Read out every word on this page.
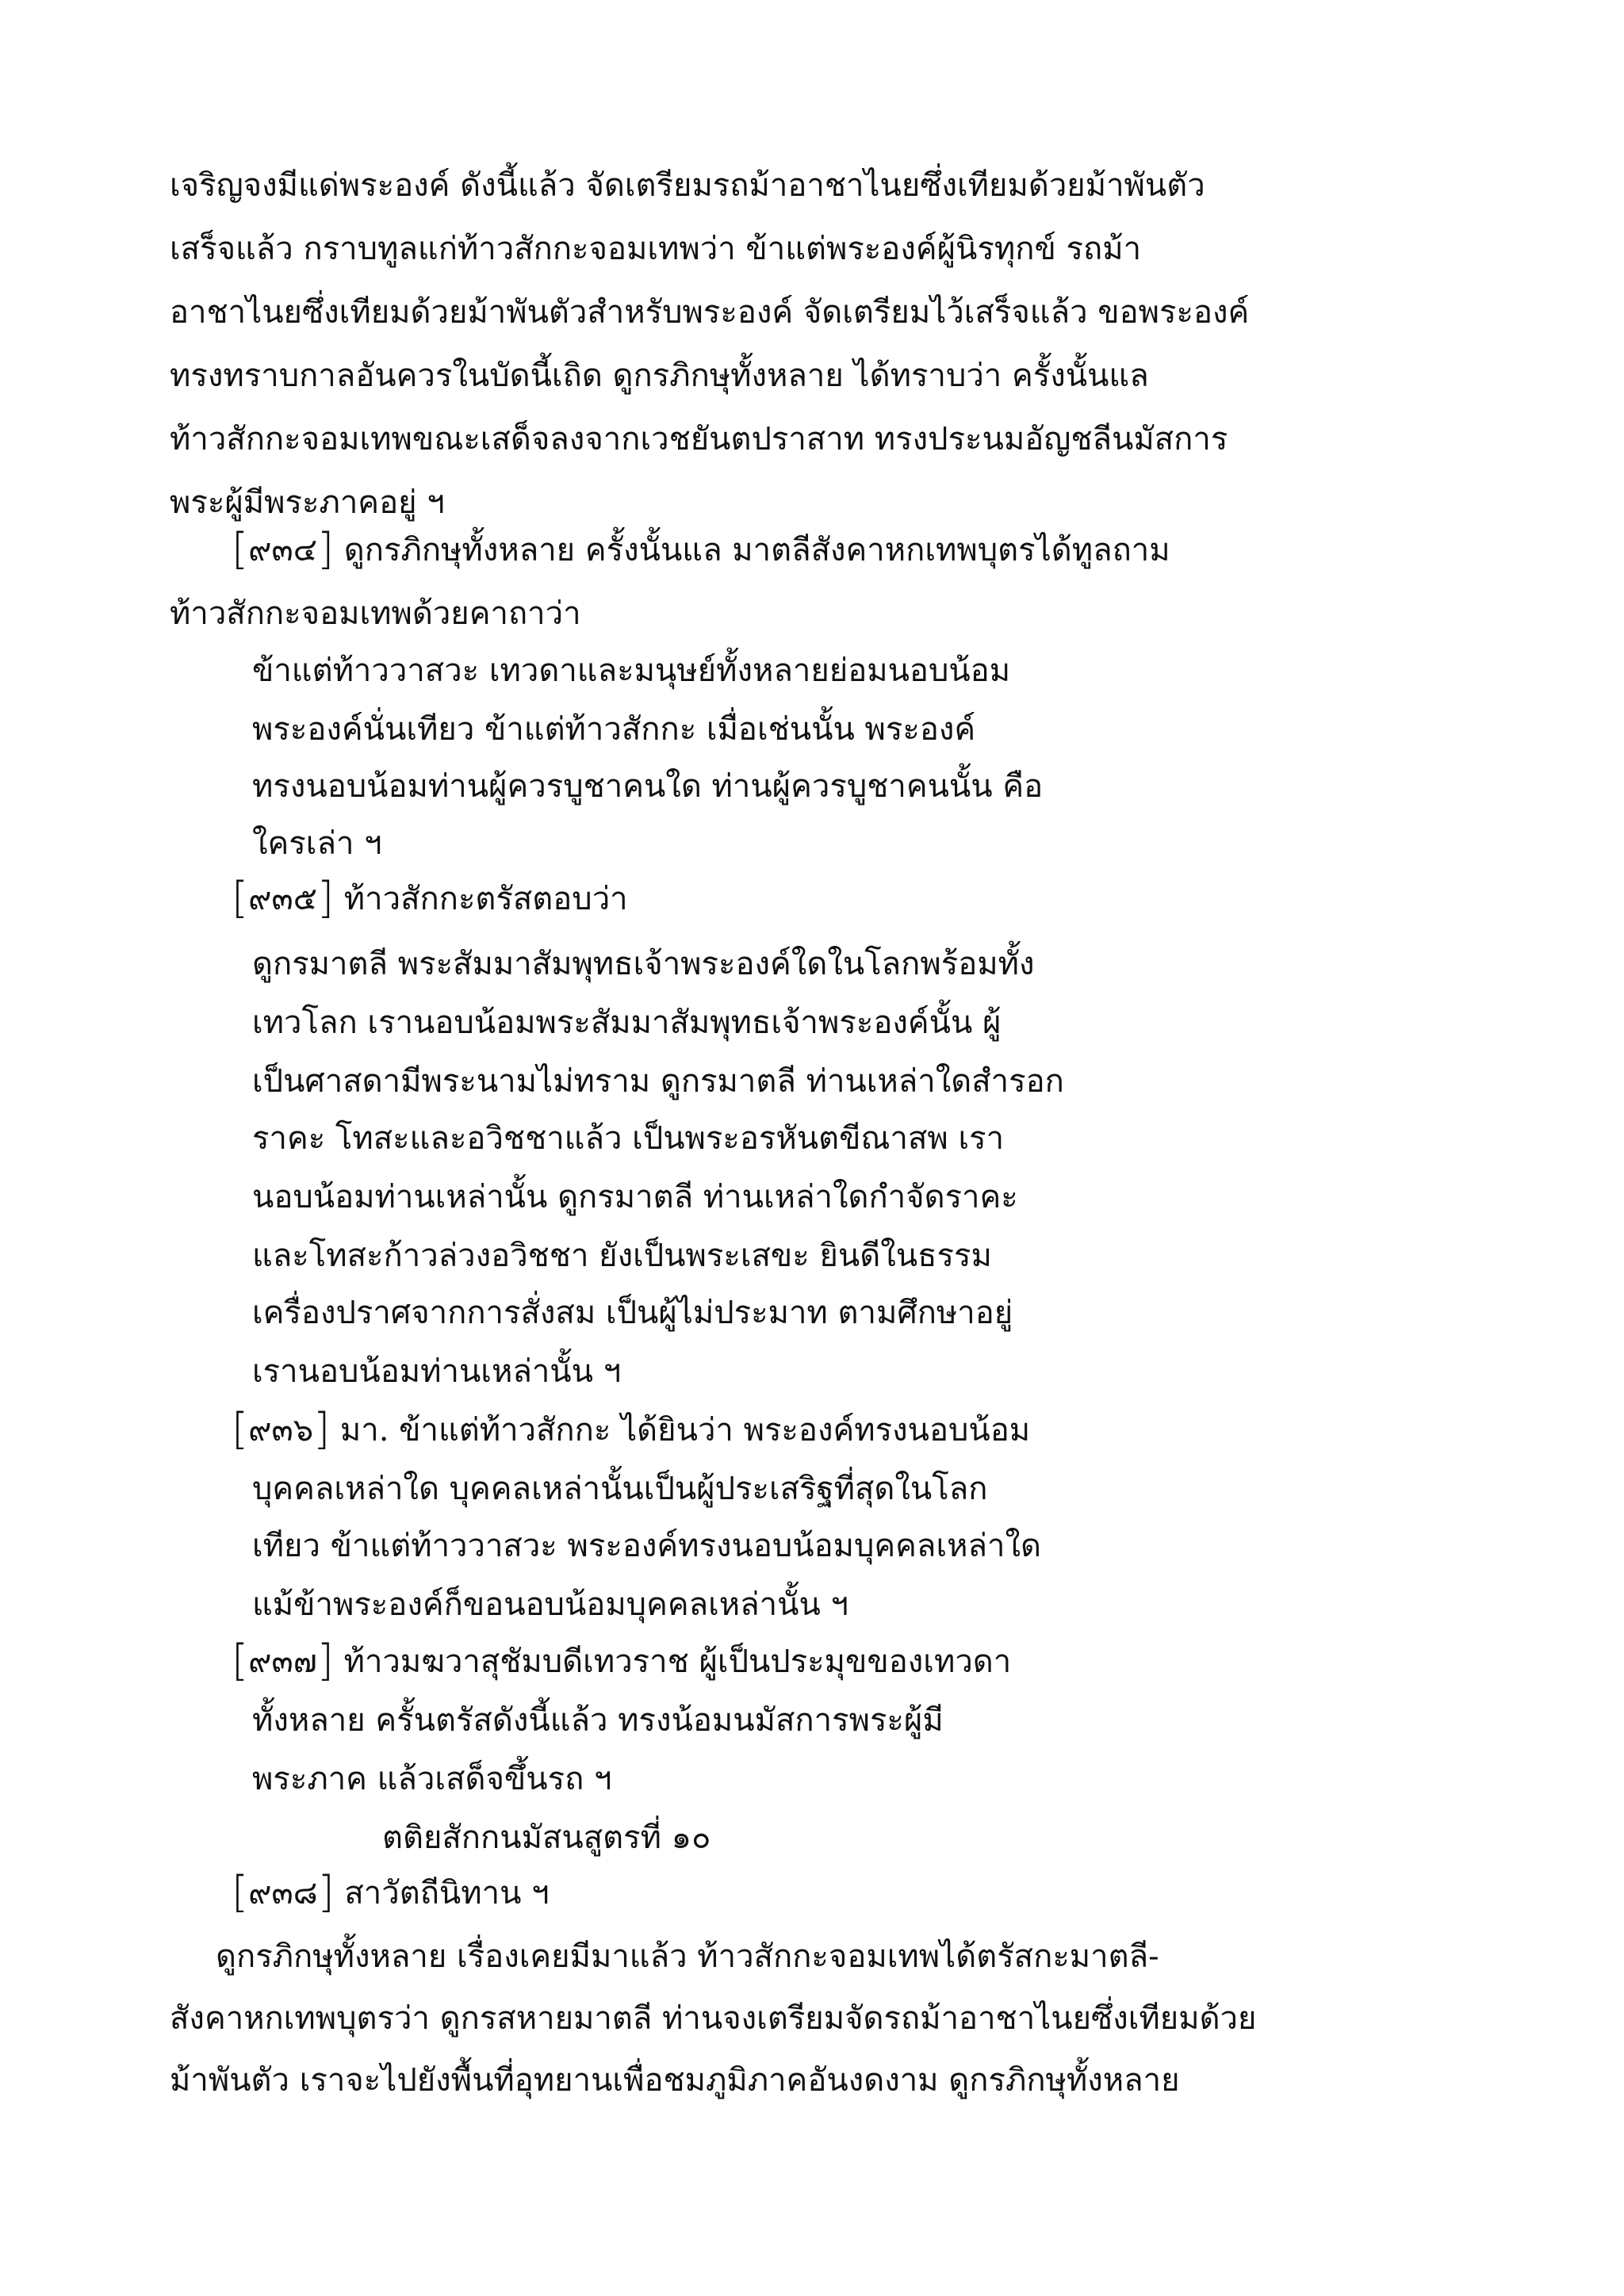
เจริญจงมีแด่พระองค์ ดังนี้แล้ว จัดเตรียมรถม้าอาชาไนยซึ่งเทียมด้วยม้าพันตัว
เสร็จแล้ว กราบทูลแก่ท้าวสักกะจอมเทพว่า ข้าแต่พระองค์ผู้นิรทุกข์ รถม้า
อาชาไนยซึ่งเทียมด้วยม้าพันตัวสำหรับพระองค์ จัดเตรียมไว้เสร็จแล้ว ขอพระองค์
ทรงทราบกาลอันควรในบัดนี้เถิด ดูกรภิกษุทั้งหลาย ได้ทราบว่า ครั้งนั้นแล
ท้าวสักกะจอมเทพขณะเสด็จลงจากเวชยันตปราสาท ทรงประนมอัญชลีนมัสการ
พระผู้มีพระภาคอยู่ ฯ
[๙๓๔] ดูกรภิกษุทั้งหลาย ครั้งนั้นแล มาตลีสังคาหกเทพบุตรได้ทูลถาม
ท้าวสักกะจอมเทพด้วยคาถาว่า
ข้าแต่ท้าววาสวะ เทวดาและมนุษย์ทั้งหลายย่อมนอบน้อม
พระองค์นั่นเทียว ข้าแต่ท้าวสักกะ เมื่อเช่นนั้น พระองค์
ทรงนอบน้อมท่านผู้ควรบูชาคนใด ท่านผู้ควรบูชาคนนั้น คือ
ใครเล่า ฯ
[๙๓๕] ท้าวสักกะตรัสตอบว่า
ดูกรมาตลี พระสัมมาสัมพุทธเจ้าพระองค์ใดในโลกพร้อมทั้ง
เทวโลก เรานอบน้อมพระสัมมาสัมพุทธเจ้าพระองค์นั้น ผู้
เป็นศาสดามีพระนามไม่ทราม ดูกรมาตลี ท่านเหล่าใดสำรอก
ราคะ โทสะและอวิชชาแล้ว เป็นพระอรหันตขีณาสพ เรา
นอบน้อมท่านเหล่านั้น ดูกรมาตลี ท่านเหล่าใดกำจัดราคะ
และโทสะก้าวล่วงอวิชชา ยังเป็นพระเสขะ ยินดีในธรรม
เครื่องปราศจากการสั่งสม เป็นผู้ไม่ประมาท ตามศึกษาอยู่
เรานอบน้อมท่านเหล่านั้น ฯ
[๙๓๖] มา. ข้าแต่ท้าวสักกะ ได้ยินว่า พระองค์ทรงนอบน้อม
บุคคลเหล่าใด บุคคลเหล่านั้นเป็นผู้ประเสริฐที่สุดในโลก
เทียว ข้าแต่ท้าววาสวะ พระองค์ทรงนอบน้อมบุคคลเหล่าใด
แม้ข้าพระองค์ก็ขอนอบน้อมบุคคลเหล่านั้น ฯ
[๙๓๗] ท้าวมฆวาสุชัมบดีเทวราช ผู้เป็นประมุขของเทวดา
ทั้งหลาย ครั้นตรัสดังนี้แล้ว ทรงน้อมนมัสการพระผู้มี
พระภาค แล้วเสด็จขึ้นรถ ฯ
ตติยสักกนมัสนสูตรที่ ๑๐
[๙๓๘] สาวัตถีนิทาน ฯ
ดูกรภิกษุทั้งหลาย เรื่องเคยมีมาแล้ว ท้าวสักกะจอมเทพได้ตรัสกะมาตลี-
สังคาหกเทพบุตรว่า ดูกรสหายมาตลี ท่านจงเตรียมจัดรถม้าอาชาไนยซึ่งเทียมด้วย
ม้าพันตัว เราจะไปยังพื้นที่อุทยานเพื่อชมภูมิภาคอันงดงาม ดูกรภิกษุทั้งหลาย
